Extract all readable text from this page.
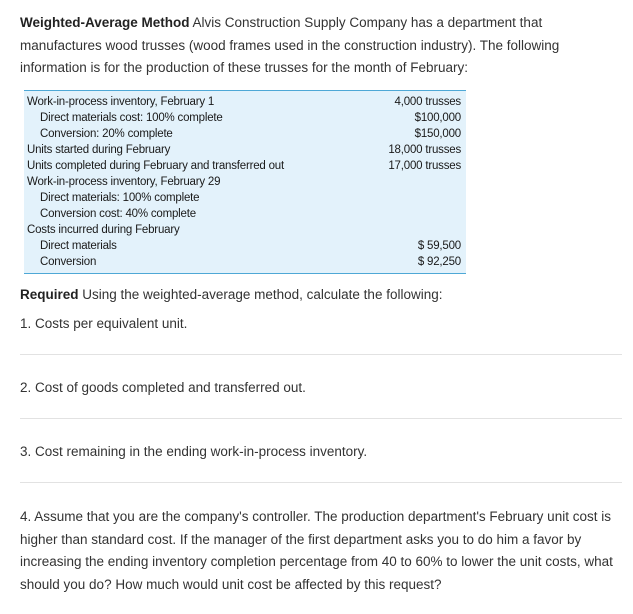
Weighted-Average Method Alvis Construction Supply Company has a department that manufactures wood trusses (wood frames used in the construction industry). The following information is for the production of these trusses for the month of February:
Work-in-process inventory, February 1	4,000 trusses
Direct materials cost: 100% complete	$100,000
Conversion: 20% complete	$150,000
Units started during February	18,000 trusses
Units completed during February and transferred out	17,000 trusses
Work-in-process inventory, February 29
Direct materials: 100% complete
Conversion cost: 40% complete
Costs incurred during February
Direct materials	$ 59,500
Conversion	$ 92,250
Required Using the weighted-average method, calculate the following:
1. Costs per equivalent unit.
2. Cost of goods completed and transferred out.
3. Cost remaining in the ending work-in-process inventory.
4. Assume that you are the company's controller. The production department's February unit cost is higher than standard cost. If the manager of the first department asks you to do him a favor by increasing the ending inventory completion percentage from 40 to 60% to lower the unit costs, what should you do? How much would unit cost be affected by this request?
